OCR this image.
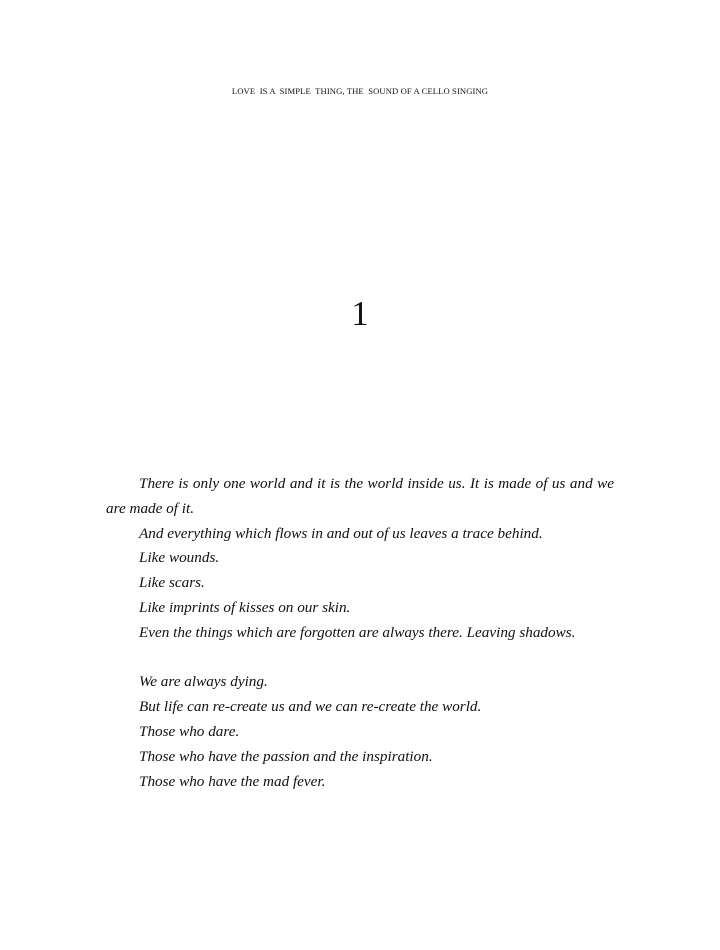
LOVE  IS A  SIMPLE  THING, THE  SOUND OF A CELLO SINGING
1

There is only one world and it is the world inside us. It is made of us and we are made of it.

And everything which flows in and out of us leaves a trace behind.

Like wounds.

Like scars.

Like imprints of kisses on our skin.

Even the things which are forgotten are always there. Leaving shadows.

We are always dying.

But life can re-create us and we can re-create the world.

Those who dare.

Those who have the passion and the inspiration.

Those who have the mad fever.
